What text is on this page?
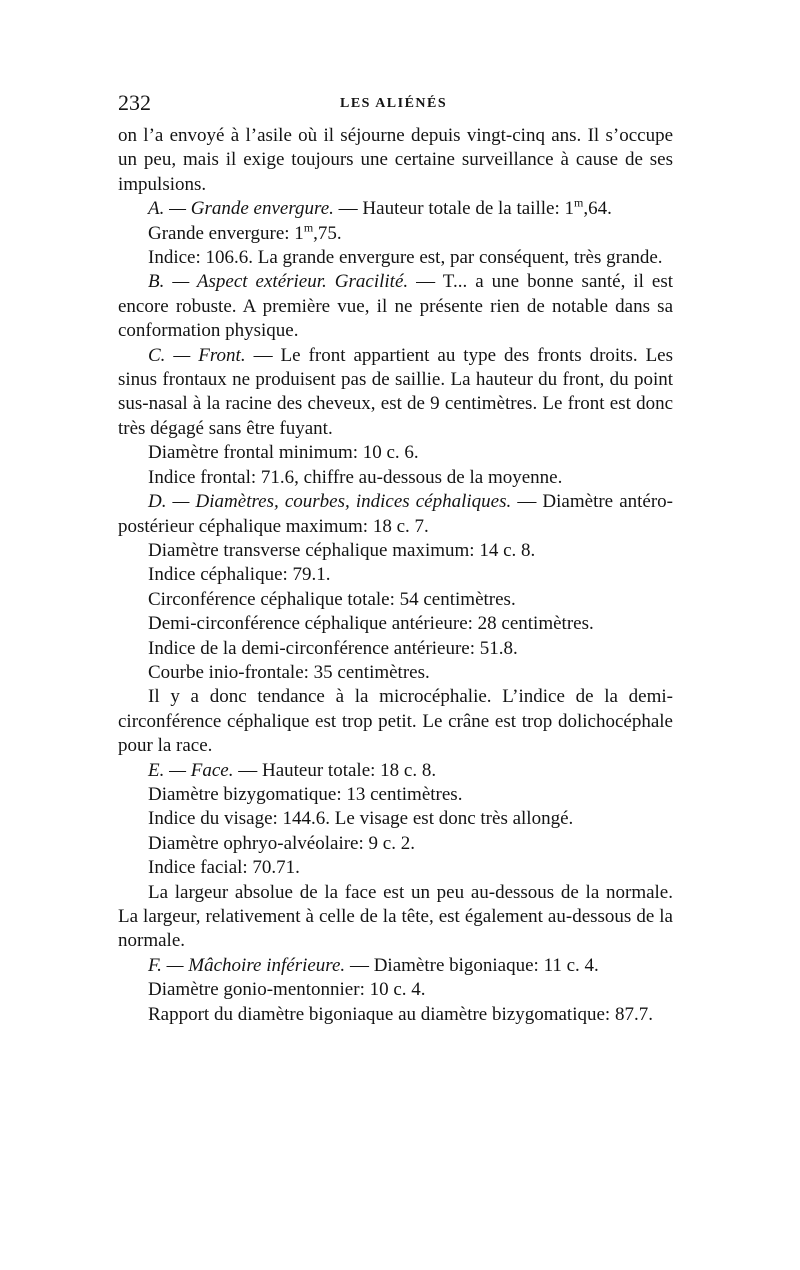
232	LES ALIÉNÉS

on l’a envoyé à l’asile où il séjourne depuis vingt-cinq ans. Il s’occupe un peu, mais il exige toujours une certaine surveillance à cause de ses impulsions.

A. — Grande envergure. — Hauteur totale de la taille: 1$^m$,64.

Grande envergure: 1$^m$,75.

Indice: 106.6. La grande envergure est, par conséquent, très grande.

B. — Aspect extérieur. Gracilité. — T... a une bonne santé, il est encore robuste. A première vue, il ne présente rien de notable dans sa conformation physique.

C. — Front. — Le front appartient au type des fronts droits. Les sinus frontaux ne produisent pas de saillie. La hauteur du front, du point sus-nasal à la racine des cheveux, est de 9 centimètres. Le front est donc très dégagé sans être fuyant.

Diamètre frontal minimum: 10 c. 6.

Indice frontal: 71.6, chiffre au-dessous de la moyenne.

D. — Diamètres, courbes, indices céphaliques. — Diamètre antéro-postérieur céphalique maximum: 18 c. 7.

Diamètre transverse céphalique maximum: 14 c. 8.

Indice céphalique: 79.1.

Circonférence céphalique totale: 54 centimètres.

Demi-circonférence céphalique antérieure: 28 centimètres.

Indice de la demi-circonférence antérieure: 51.8.

Courbe inio-frontale: 35 centimètres.

Il y a donc tendance à la microcéphalie. L’indice de la demi-circonférence céphalique est trop petit. Le crâne est trop dolichocéphale pour la race.

E. — Face. — Hauteur totale: 18 c. 8.

Diamètre bizygomatique: 13 centimètres.

Indice du visage: 144.6. Le visage est donc très allongé.

Diamètre ophryo-alvéolaire: 9 c. 2.

Indice facial: 70.71.

La largeur absolue de la face est un peu au-dessous de la normale. La largeur, relativement à celle de la tête, est également au-dessous de la normale.

F. — Mâchoire inférieure. — Diamètre bigoniaque: 11 c. 4.

Diamètre gonio-mentonnier: 10 c. 4.

Rapport du diamètre bigoniaque au diamètre bizygomatique: 87.7.
